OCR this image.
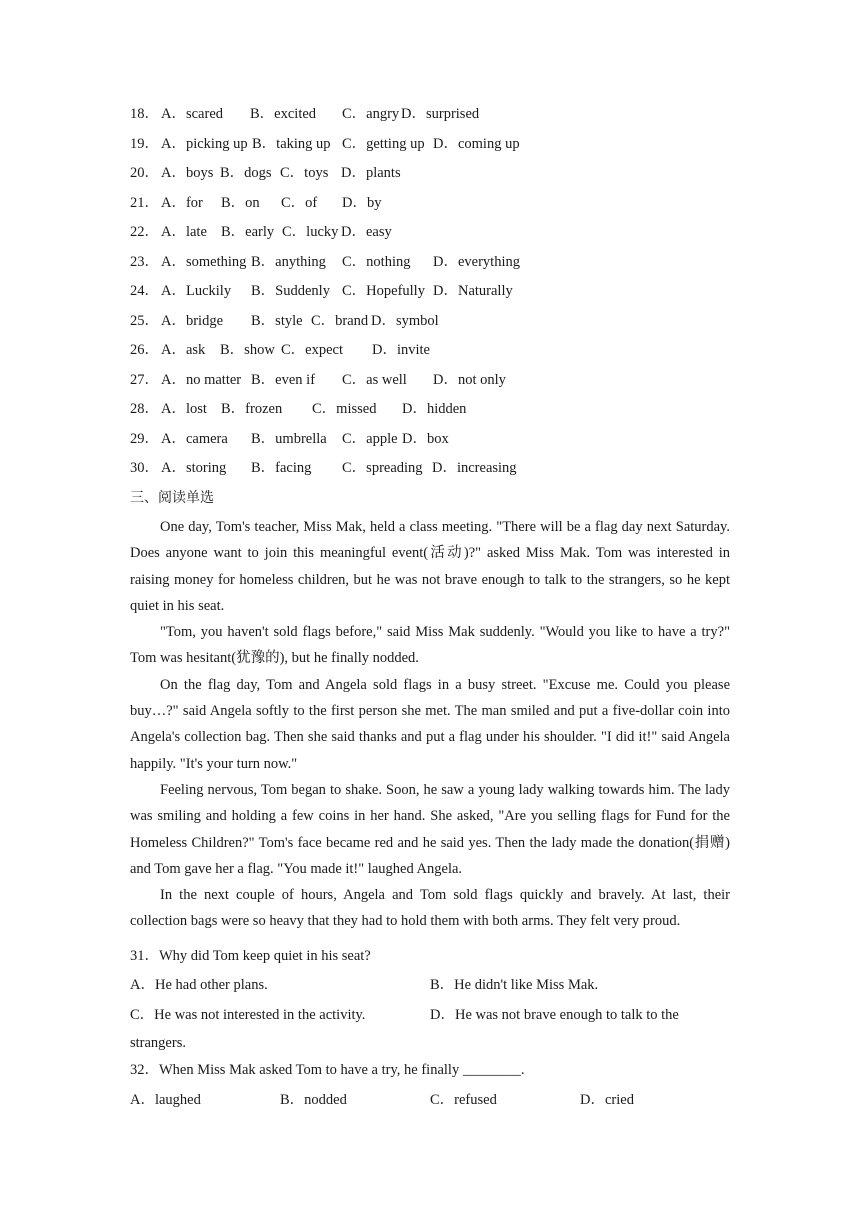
18． A．scared B．excited C．angry D．surprised
19． A．picking up B．taking up C．getting up D．coming up
20． A．boys B．dogs C．toys D．plants
21． A．for B．on C．of D．by
22． A．late B．early C．lucky D．easy
23． A．something B．anything C．nothing D．everything
24． A．Luckily B．Suddenly C．Hopefully D．Naturally
25． A．bridge B．style C．brand D．symbol
26． A．ask B．show C．expect D．invite
27． A．no matter B．even if C．as well D．not only
28． A．lost B．frozen C．missed D．hidden
29． A．camera B．umbrella C．apple D．box
30． A．storing B．facing C．spreading D．increasing
三、阅读单选

One day, Tom's teacher, Miss Mak, held a class meeting. "There will be a flag day next Saturday. Does anyone want to join this meaningful event(活动)?" asked Miss Mak. Tom was interested in raising money for homeless children, but he was not brave enough to talk to the strangers, so he kept quiet in his seat.

"Tom, you haven't sold flags before," said Miss Mak suddenly. "Would you like to have a try?" Tom was hesitant(犹豫的), but he finally nodded.

On the flag day, Tom and Angela sold flags in a busy street. "Excuse me. Could you please buy…?" said Angela softly to the first person she met. The man smiled and put a five-dollar coin into Angela's collection bag. Then she said thanks and put a flag under his shoulder. "I did it!" said Angela happily. "It's your turn now."

Feeling nervous, Tom began to shake. Soon, he saw a young lady walking towards him. The lady was smiling and holding a few coins in her hand. She asked, "Are you selling flags for Fund for the Homeless Children?" Tom's face became red and he said yes. Then the lady made the donation(捐赠) and Tom gave her a flag. "You made it!" laughed Angela.

In the next couple of hours, Angela and Tom sold flags quickly and bravely. At last, their collection bags were so heavy that they had to hold them with both arms. They felt very proud.

31．Why did Tom keep quiet in his seat?
A．He had other plans.	B．He didn't like Miss Mak.
C．He was not interested in the activity.	D．He was not brave enough to talk to the
strangers.
32．When Miss Mak asked Tom to have a try, he finally ________.
A．laughed	B．nodded	C．refused	D．cried
